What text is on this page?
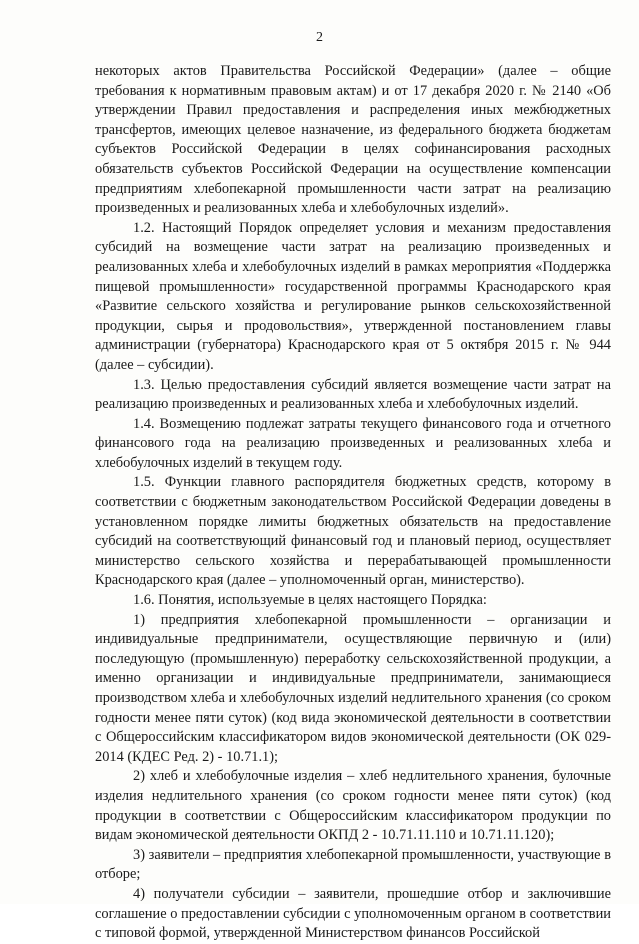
2

некоторых актов Правительства Российской Федерации» (далее – общие требования к нормативным правовым актам) и от 17 декабря 2020 г. № 2140 «Об утверждении Правил предоставления и распределения иных межбюджетных трансфертов, имеющих целевое назначение, из федерального бюджета бюджетам субъектов Российской Федерации в целях софинансирования расходных обязательств субъектов Российской Федерации на осуществление компенсации предприятиям хлебопекарной промышленности части затрат на реализацию произведенных и реализованных хлеба и хлебобулочных изделий».

1.2. Настоящий Порядок определяет условия и механизм предоставления субсидий на возмещение части затрат на реализацию произведенных и реализованных хлеба и хлебобулочных изделий в рамках мероприятия «Поддержка пищевой промышленности» государственной программы Краснодарского края «Развитие сельского хозяйства и регулирование рынков сельскохозяйственной продукции, сырья и продовольствия», утвержденной постановлением главы администрации (губернатора) Краснодарского края от 5 октября 2015 г. № 944 (далее – субсидии).

1.3. Целью предоставления субсидий является возмещение части затрат на реализацию произведенных и реализованных хлеба и хлебобулочных изделий.

1.4. Возмещению подлежат затраты текущего финансового года и отчетного финансового года на реализацию произведенных и реализованных хлеба и хлебобулочных изделий в текущем году.

1.5. Функции главного распорядителя бюджетных средств, которому в соответствии с бюджетным законодательством Российской Федерации доведены в установленном порядке лимиты бюджетных обязательств на предоставление субсидий на соответствующий финансовый год и плановый период, осуществляет министерство сельского хозяйства и перерабатывающей промышленности Краснодарского края (далее – уполномоченный орган, министерство).

1.6. Понятия, используемые в целях настоящего Порядка:

1) предприятия хлебопекарной промышленности – организации и индивидуальные предприниматели, осуществляющие первичную и (или) последующую (промышленную) переработку сельскохозяйственной продукции, а именно организации и индивидуальные предприниматели, занимающиеся производством хлеба и хлебобулочных изделий недлительного хранения (со сроком годности менее пяти суток) (код вида экономической деятельности в соответствии с Общероссийским классификатором видов экономической деятельности (ОК 029-2014 (КДЕС Ред. 2) - 10.71.1);

2) хлеб и хлебобулочные изделия – хлеб недлительного хранения, булочные изделия недлительного хранения (со сроком годности менее пяти суток) (код продукции в соответствии с Общероссийским классификатором продукции по видам экономической деятельности ОКПД 2 - 10.71.11.110 и 10.71.11.120);

3) заявители – предприятия хлебопекарной промышленности, участвующие в отборе;

4) получатели субсидии – заявители, прошедшие отбор и заключившие соглашение о предоставлении субсидии с уполномоченным органом в соответствии с типовой формой, утвержденной Министерством финансов Российской
